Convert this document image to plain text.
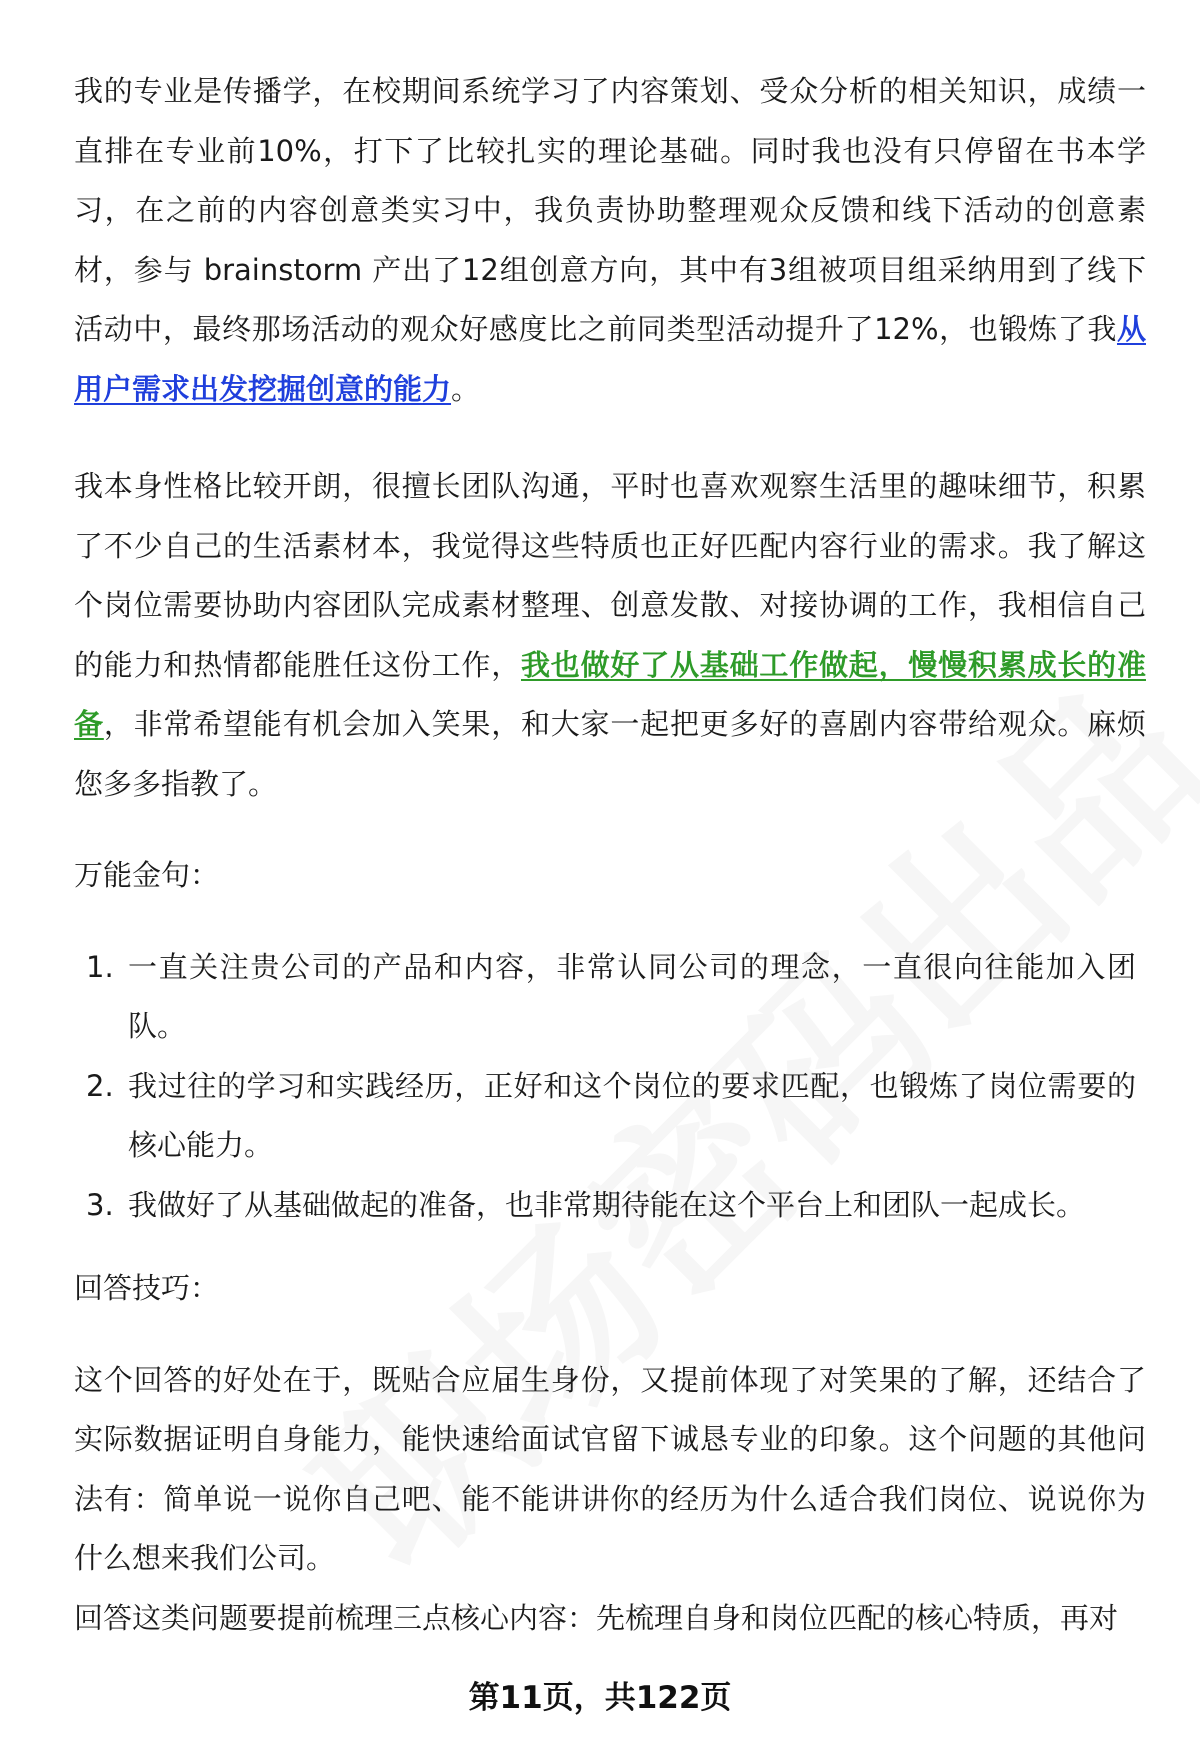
我的专业是传播学，在校期间系统学习了内容策划、受众分析的相关知识，成绩一直排在专业前10%，打下了比较扎实的理论基础。同时我也没有只停留在书本学习，在之前的内容创意类实习中，我负责协助整理观众反馈和线下活动的创意素材，参与 brainstorm 产出了12组创意方向，其中有3组被项目组采纳用到了线下活动中，最终那场活动的观众好感度比之前同类型活动提升了12%，也锻炼了我从用户需求出发挖掘创意的能力。

我本身性格比较开朗，很擅长团队沟通，平时也喜欢观察生活里的趣味细节，积累了不少自己的生活素材本，我觉得这些特质也正好匹配内容行业的需求。我了解这个岗位需要协助内容团队完成素材整理、创意发散、对接协调的工作，我相信自己的能力和热情都能胜任这份工作，我也做好了从基础工作做起，慢慢积累成长的准备，非常希望能有机会加入笑果，和大家一起把更多好的喜剧内容带给观众。麻烦您多多指教了。

万能金句：

1. 一直关注贵公司的产品和内容，非常认同公司的理念，一直很向往能加入团队。
2. 我过往的学习和实践经历，正好和这个岗位的要求匹配，也锻炼了岗位需要的核心能力。
3. 我做好了从基础做起的准备，也非常期待能在这个平台上和团队一起成长。

回答技巧：

这个回答的好处在于，既贴合应届生身份，又提前体现了对笑果的了解，还结合了实际数据证明自身能力，能快速给面试官留下诚恳专业的印象。这个问题的其他问法有：简单说一说你自己吧、能不能讲讲你的经历为什么适合我们岗位、说说你为什么想来我们公司。

回答这类问题要提前梳理三点核心内容：先梳理自身和岗位匹配的核心特质，再对

第11页，共122页
